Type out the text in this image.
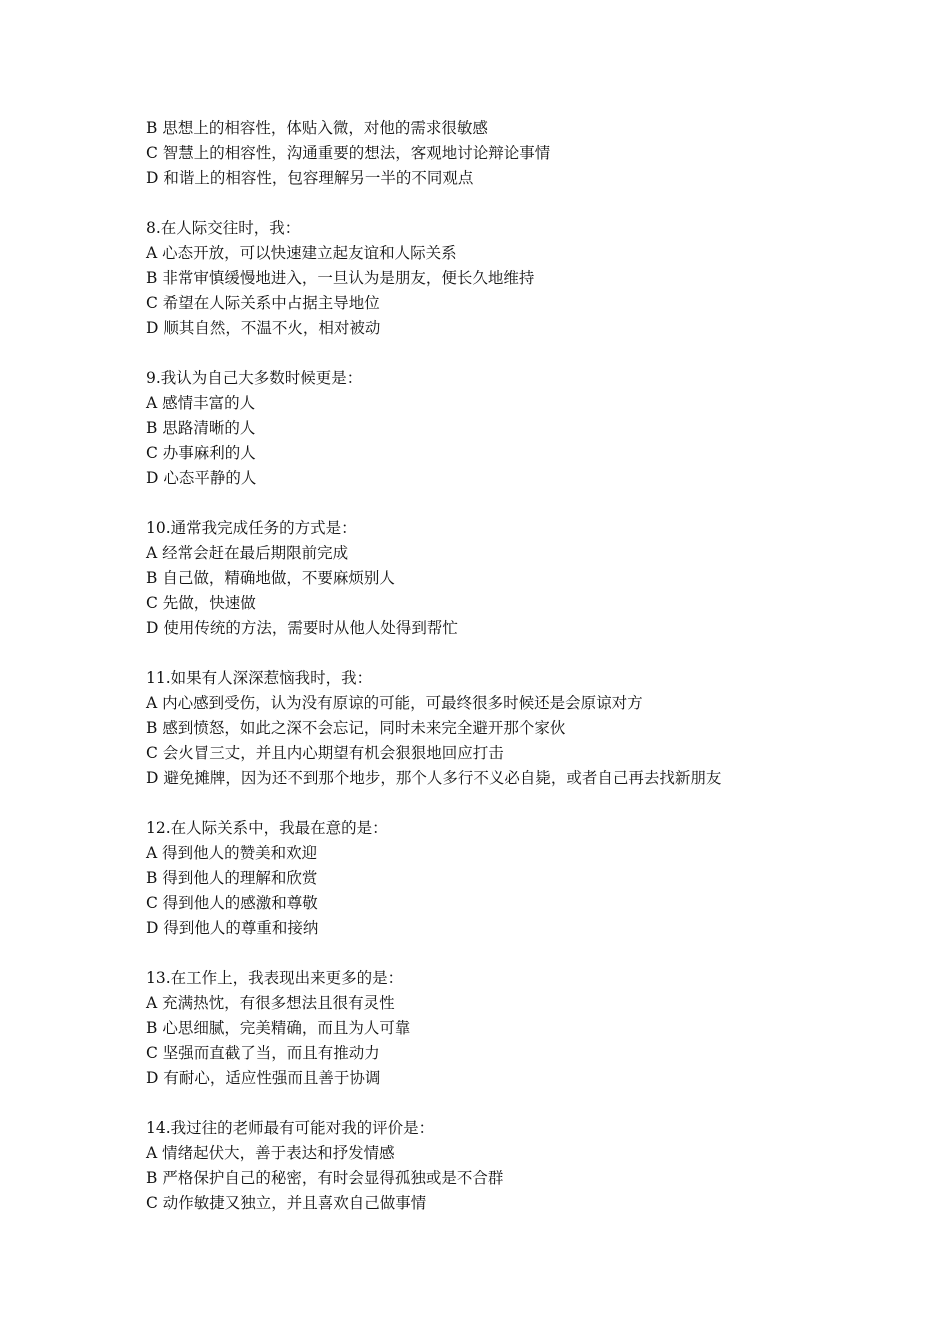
B 思想上的相容性，体贴入微，对他的需求很敏感
C 智慧上的相容性，沟通重要的想法，客观地讨论辩论事情
D 和谐上的相容性，包容理解另一半的不同观点
8.在人际交往时，我：
A 心态开放，可以快速建立起友谊和人际关系
B 非常审慎缓慢地进入，一旦认为是朋友，便长久地维持
C 希望在人际关系中占据主导地位
D 顺其自然，不温不火，相对被动
9.我认为自己大多数时候更是：
A 感情丰富的人
B 思路清晰的人
C 办事麻利的人
D 心态平静的人
10.通常我完成任务的方式是：
A 经常会赶在最后期限前完成
B 自己做，精确地做，不要麻烦别人
C 先做，快速做
D 使用传统的方法，需要时从他人处得到帮忙
11.如果有人深深惹恼我时，我：
A 内心感到受伤，认为没有原谅的可能，可最终很多时候还是会原谅对方
B 感到愤怒，如此之深不会忘记，同时未来完全避开那个家伙
C 会火冒三丈，并且内心期望有机会狠狠地回应打击
D 避免摊牌，因为还不到那个地步，那个人多行不义必自毙，或者自己再去找新朋友
12.在人际关系中，我最在意的是：
A 得到他人的赞美和欢迎
B 得到他人的理解和欣赏
C 得到他人的感激和尊敬
D 得到他人的尊重和接纳
13.在工作上，我表现出来更多的是：
A 充满热忱，有很多想法且很有灵性
B 心思细腻，完美精确，而且为人可靠
C 坚强而直截了当，而且有推动力
D 有耐心，适应性强而且善于协调
14.我过往的老师最有可能对我的评价是：
A 情绪起伏大，善于表达和抒发情感
B 严格保护自己的秘密，有时会显得孤独或是不合群
C 动作敏捷又独立，并且喜欢自己做事情
